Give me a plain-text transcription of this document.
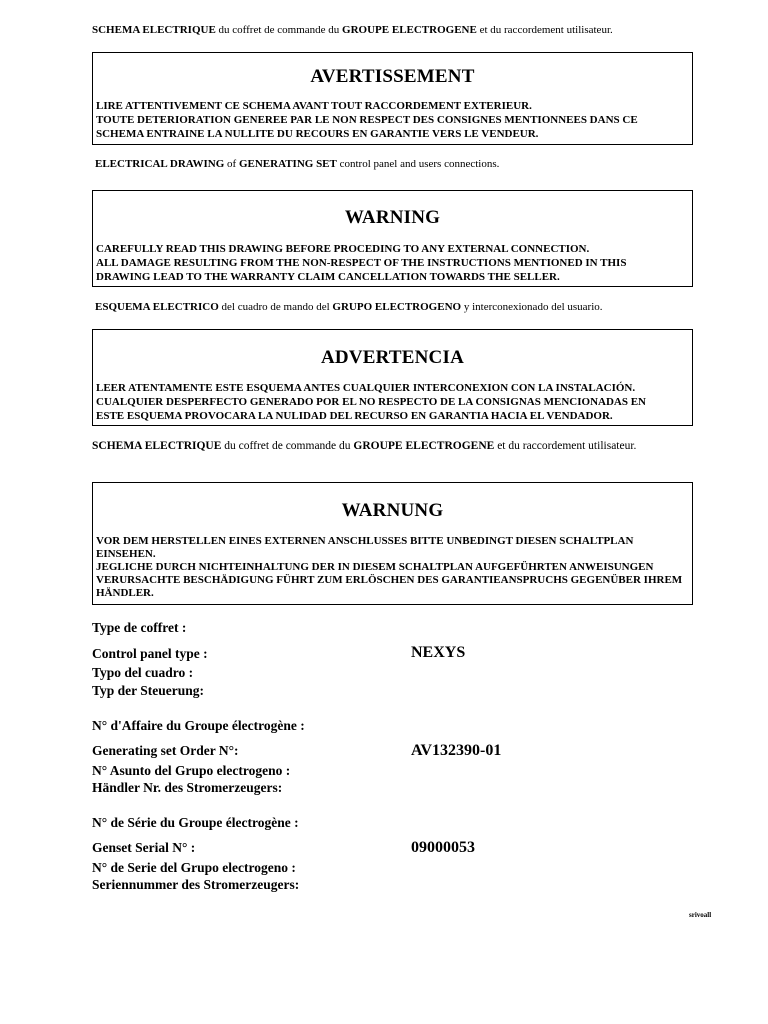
SCHEMA ELECTRIQUE du coffret de commande du GROUPE ELECTROGENE et du raccordement utilisateur.
AVERTISSEMENT
LIRE ATTENTIVEMENT CE SCHEMA AVANT TOUT RACCORDEMENT EXTERIEUR.
TOUTE DETERIORATION GENEREE PAR LE NON RESPECT DES CONSIGNES MENTIONNEES DANS CE
SCHEMA ENTRAINE LA NULLITE DU RECOURS EN GARANTIE VERS LE VENDEUR.
ELECTRICAL DRAWING of GENERATING SET control panel and users connections.
WARNING
CAREFULLY READ THIS DRAWING BEFORE PROCEDING TO ANY EXTERNAL CONNECTION.
ALL DAMAGE RESULTING FROM THE NON-RESPECT OF THE INSTRUCTIONS MENTIONED IN THIS
DRAWING LEAD TO THE WARRANTY CLAIM CANCELLATION TOWARDS THE SELLER.
ESQUEMA ELECTRICO del cuadro de mando del GRUPO ELECTROGENO y interconexionado del usuario.
ADVERTENCIA
LEER ATENTAMENTE ESTE ESQUEMA ANTES CUALQUIER INTERCONEXION CON LA INSTALACIÓN.
CUALQUIER DESPERFECTO GENERADO POR EL NO RESPECTO DE LA CONSIGNAS MENCIONADAS EN
ESTE ESQUEMA PROVOCARA LA NULIDAD DEL RECURSO EN GARANTIA HACIA EL VENDADOR.
SCHEMA ELECTRIQUE du coffret de commande du GROUPE ELECTROGENE et du raccordement utilisateur.
WARNUNG
VOR DEM HERSTELLEN EINES EXTERNEN ANSCHLUSSES BITTE UNBEDINGT DIESEN SCHALTPLAN EINSEHEN.
JEGLICHE DURCH NICHTEINHALTUNG DER IN DIESEM SCHALTPLAN AUFGEFÜHRTEN ANWEISUNGEN VERURSACHTE BESCHÄDIGUNG FÜHRT ZUM ERLÖSCHEN DES GARANTIEANSPRUCHS GEGENÜBER IHREM HÄNDLER.
Type de coffret :
Control panel type :
Typo del cuadro :
Typ der Steuerung:
NEXYS
N° d'Affaire du Groupe électrogène :
Generating set Order N°:
N° Asunto del Grupo electrogeno :
Händler Nr. des Stromerzeugers:
AV132390-01
N° de Série du Groupe électrogène :
Genset Serial N° :
N° de Serie del Grupo electrogeno :
Seriennummer des Stromerzeugers:
09000053
srivoall
